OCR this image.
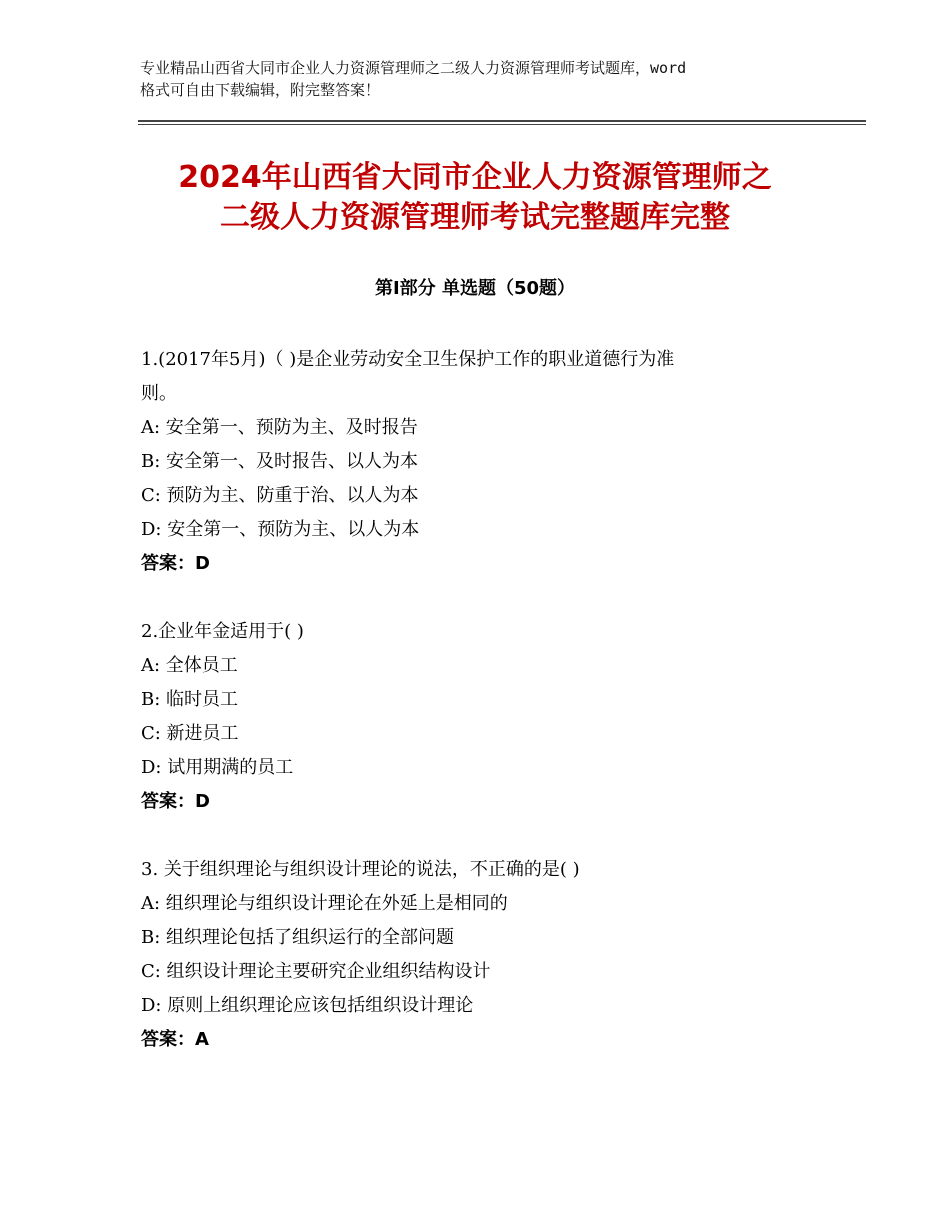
专业精品山西省大同市企业人力资源管理师之二级人力资源管理师考试题库，word
格式可自由下载编辑，附完整答案！
2024年山西省大同市企业人力资源管理师之
二级人力资源管理师考试完整题库完整
第Ⅰ部分 单选题（50题）
1.(2017年5月)（ )是企业劳动安全卫生保护工作的职业道德行为准
则。
A: 安全第一、预防为主、及时报告
B: 安全第一、及时报告、以人为本
C: 预防为主、防重于治、以人为本
D: 安全第一、预防为主、以人为本
答案：D
2.企业年金适用于( )
A: 全体员工
B: 临时员工
C: 新进员工
D: 试用期满的员工
答案：D
3. 关于组织理论与组织设计理论的说法，不正确的是( )
A: 组织理论与组织设计理论在外延上是相同的
B: 组织理论包括了组织运行的全部问题
C: 组织设计理论主要研究企业组织结构设计
D: 原则上组织理论应该包括组织设计理论
答案：A
